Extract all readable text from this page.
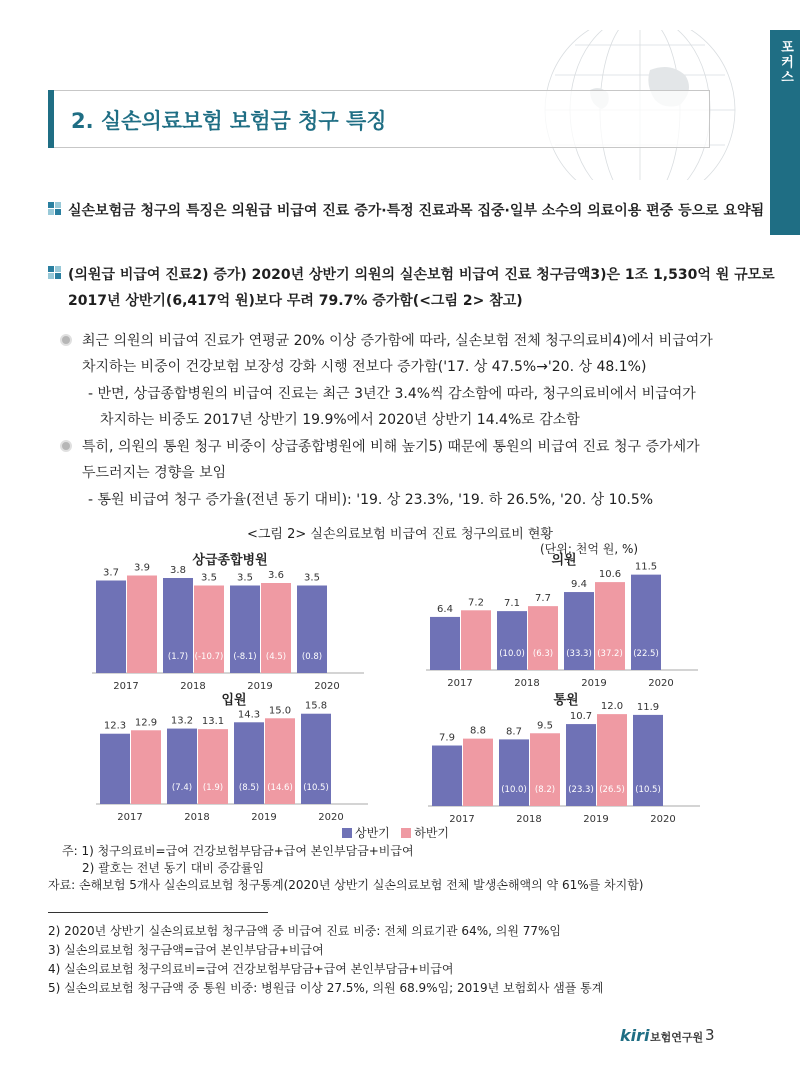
포커스
2. 실손의료보험 보험금 청구 특징
실손보험금 청구의 특징은 의원급 비급여 진료 증가·특정 진료과목 집중·일부 소수의 의료이용 편중 등으로 요약됨
(의원급 비급여 진료2) 증가) 2020년 상반기 의원의 실손보험 비급여 진료 청구금액3)은 1조 1,530억 원 규모로
2017년 상반기(6,417억 원)보다 무려 79.7% 증가함(<그림 2> 참고)
최근 의원의 비급여 진료가 연평균 20% 이상 증가함에 따라, 실손보험 전체 청구의료비4)에서 비급여가
차지하는 비중이 건강보험 보장성 강화 시행 전보다 증가함('17. 상 47.5%→'20. 상 48.1%)
- 반면, 상급종합병원의 비급여 진료는 최근 3년간 3.4%씩 감소함에 따라, 청구의료비에서 비급여가
차지하는 비중도 2017년 상반기 19.9%에서 2020년 상반기 14.4%로 감소함
특히, 의원의 통원 청구 비중이 상급종합병원에 비해 높기5) 때문에 통원의 비급여 진료 청구 증가세가
두드러지는 경향을 보임
- 통원 비급여 청구 증가율(전년 동기 대비): '19. 상 23.3%, '19. 하 26.5%, '20. 상 10.5%
<그림 2> 실손의료보험 비급여 진료 청구의료비 현황
(단위: 천억 원, %)
상급종합병원
3.7 3.9
2017
3.8
(1.7)
3.5
(-10.7)
2018
3.5
(-8.1)
3.6
(4.5)
2019
3.5
(0.8)
2020
의원
6.4
7.2
2017
7.1
(10.0)
7.7
(6.3)
2018
9.4
(33.3)
10.6
(37.2)
2019
11.5
(22.5)
2020
입원
12.3 12.9
2017
13.2
(7.4)
13.1
(1.9)
2018
14.3
(8.5)
15.0
(14.6)
2019
15.8
(10.5)
2020
통원
7.9
8.8
2017
8.7
(10.0)
9.5
(8.2)
2018
10.7
(23.3)
12.0
(26.5)
2019
11.9
(10.5)
2020
상반기 하반기
주: 1) 청구의료비=급여 건강보험부담금+급여 본인부담금+비급여
2) 괄호는 전년 동기 대비 증감률임
자료: 손해보험 5개사 실손의료보험 청구통계(2020년 상반기 실손의료보험 전체 발생손해액의 약 61%를 차지함)
2) 2020년 상반기 실손의료보험 청구금액 중 비급여 진료 비중: 전체 의료기관 64%, 의원 77%임
3) 실손의료보험 청구금액=급여 본인부담금+비급여
4) 실손의료보험 청구의료비=급여 건강보험부담금+급여 본인부담금+비급여
5) 실손의료보험 청구금액 중 통원 비중: 병원급 이상 27.5%, 의원 68.9%임; 2019년 보험회사 샘플 통계
kiri 보험연구원 3
